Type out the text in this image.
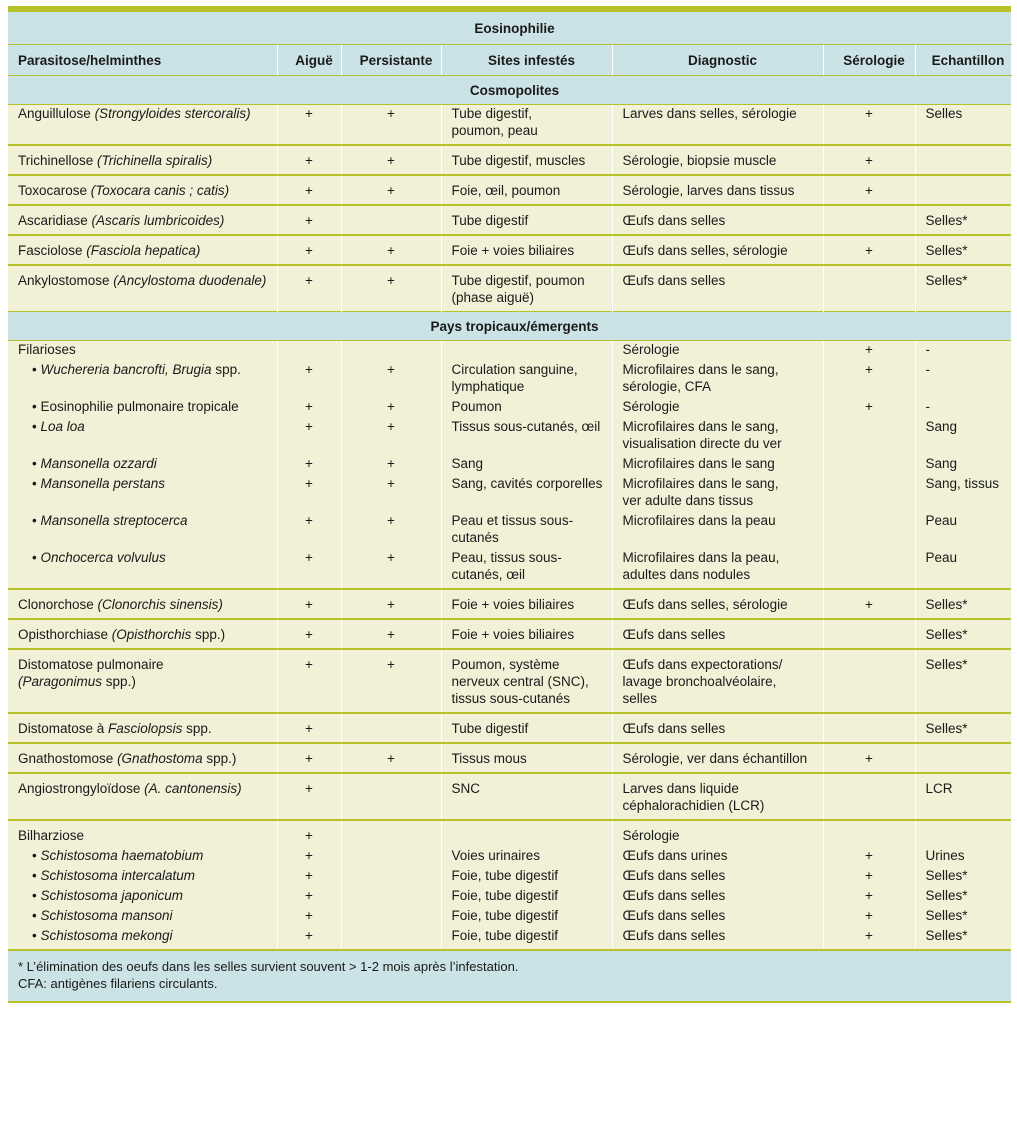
Eosinophilie						
Parasitose/helminthes	Aiguë	Persistante	Sites infestés	Diagnostic	Sérologie	Echantillon
Cosmopolites						
Anguillulose (Strongyloides stercoralis)	+	+	Tube digestif,
poumon, peau	Larves dans selles, sérologie	+	Selles
Trichinellose (Trichinella spiralis)	+	+	Tube digestif, muscles	Sérologie, biopsie muscle	+	
Toxocarose (Toxocara canis ; catis)	+	+	Foie, œil, poumon	Sérologie, larves dans tissus	+	
Ascaridiase (Ascaris lumbricoides)	+		Tube digestif	Œufs dans selles		Selles*
Fasciolose (Fasciola hepatica)	+	+	Foie + voies biliaires	Œufs dans selles, sérologie	+	Selles*
Ankylostomose (Ancylostoma duodenale)	+	+	Tube digestif, poumon
(phase aiguë)	Œufs dans selles		Selles*
Pays tropicaux/émergents						
Filarioses				Sérologie	+	-
• Wuchereria bancrofti, Brugia spp.	+	+	Circulation sanguine,
lymphatique	Microfilaires dans le sang,
sérologie, CFA	+	-
• Eosinophilie pulmonaire tropicale	+	+	Poumon	Sérologie	+	-
• Loa loa	+	+	Tissus sous-cutanés, œil	Microfilaires dans le sang,
visualisation directe du ver		Sang
• Mansonella ozzardi	+	+	Sang	Microfilaires dans le sang		Sang
• Mansonella perstans	+	+	Sang, cavités corporelles	Microfilaires dans le sang,
ver adulte dans tissus		Sang, tissus
• Mansonella streptocerca	+	+	Peau et tissus sous-
cutanés	Microfilaires dans la peau		Peau
• Onchocerca volvulus	+	+	Peau, tissus sous-
cutanés, œil	Microfilaires dans la peau,
adultes dans nodules		Peau
Clonorchose (Clonorchis sinensis)	+	+	Foie + voies biliaires	Œufs dans selles, sérologie	+	Selles*
Opisthorchiase (Opisthorchis spp.)	+	+	Foie + voies biliaires	Œufs dans selles		Selles*
Distomatose pulmonaire
(Paragonimus spp.)	+	+	Poumon, système
nerveux central (SNC),
tissus sous-cutanés	Œufs dans expectorations/
lavage bronchoalvéolaire,
selles		Selles*
Distomatose à Fasciolopsis spp.	+		Tube digestif	Œufs dans selles		Selles*
Gnathostomose (Gnathostoma spp.)	+	+	Tissus mous	Sérologie, ver dans échantillon	+	
Angiostrongyloïdose (A. cantonensis)	+		SNC	Larves dans liquide
céphalorachidien (LCR)		LCR
Bilharziose	+			Sérologie		
• Schistosoma haematobium	+		Voies urinaires	Œufs dans urines	+	Urines
• Schistosoma intercalatum	+		Foie, tube digestif	Œufs dans selles	+	Selles*
• Schistosoma japonicum	+		Foie, tube digestif	Œufs dans selles	+	Selles*
• Schistosoma mansoni	+		Foie, tube digestif	Œufs dans selles	+	Selles*
• Schistosoma mekongi	+		Foie, tube digestif	Œufs dans selles	+	Selles*

* L’élimination des oeufs dans les selles survient souvent > 1-2 mois après l’infestation.
CFA: antigènes filariens circulants.						
